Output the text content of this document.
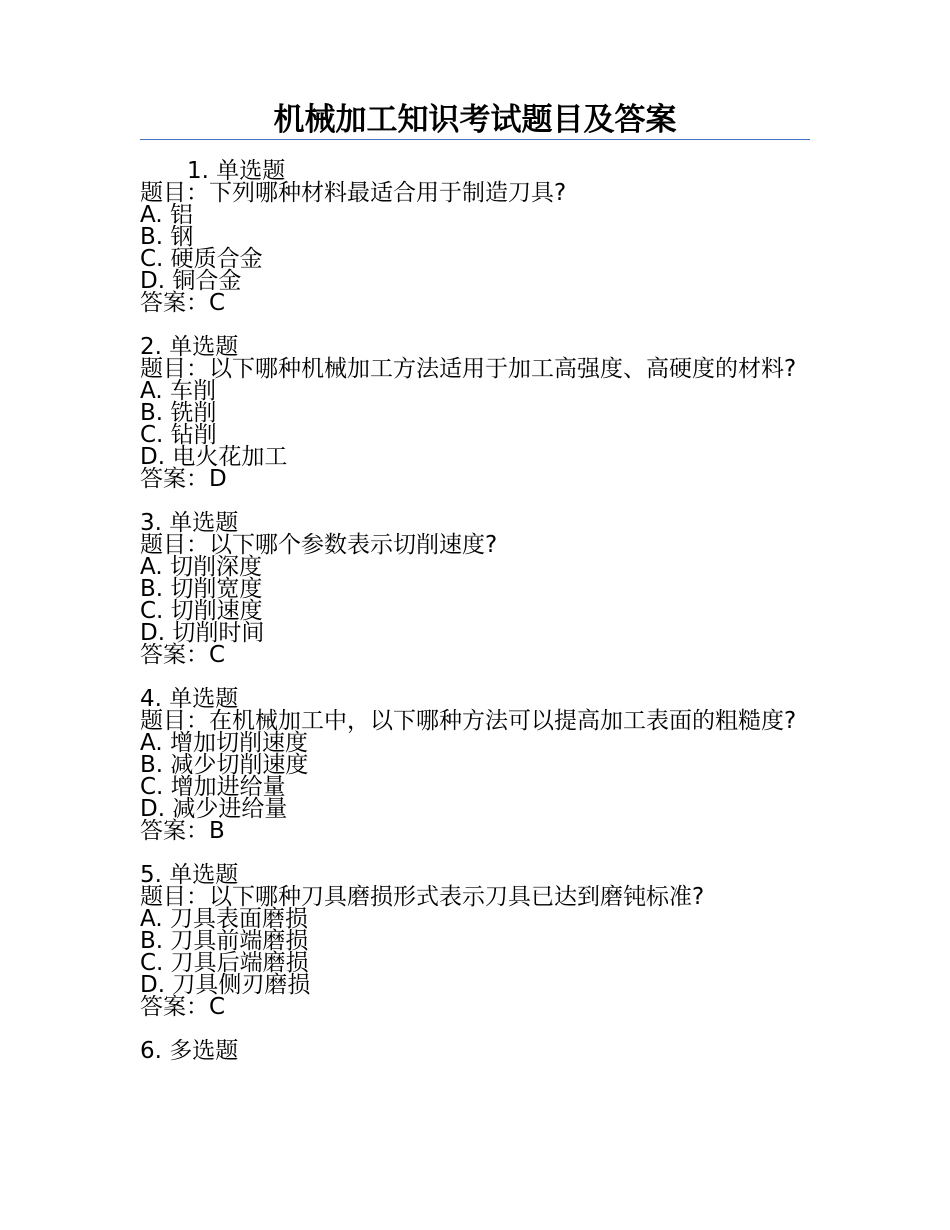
机械加工知识考试题目及答案
1. 单选题
题目：下列哪种材料最适合用于制造刀具?
A. 铝
B. 钢
C. 硬质合金
D. 铜合金
答案：C
2. 单选题
题目：以下哪种机械加工方法适用于加工高强度、高硬度的材料?
A. 车削
B. 铣削
C. 钻削
D. 电火花加工
答案：D
3. 单选题
题目：以下哪个参数表示切削速度?
A. 切削深度
B. 切削宽度
C. 切削速度
D. 切削时间
答案：C
4. 单选题
题目：在机械加工中，以下哪种方法可以提高加工表面的粗糙度?
A. 增加切削速度
B. 减少切削速度
C. 增加进给量
D. 减少进给量
答案：B
5. 单选题
题目：以下哪种刀具磨损形式表示刀具已达到磨钝标准?
A. 刀具表面磨损
B. 刀具前端磨损
C. 刀具后端磨损
D. 刀具侧刃磨损
答案：C
6. 多选题
